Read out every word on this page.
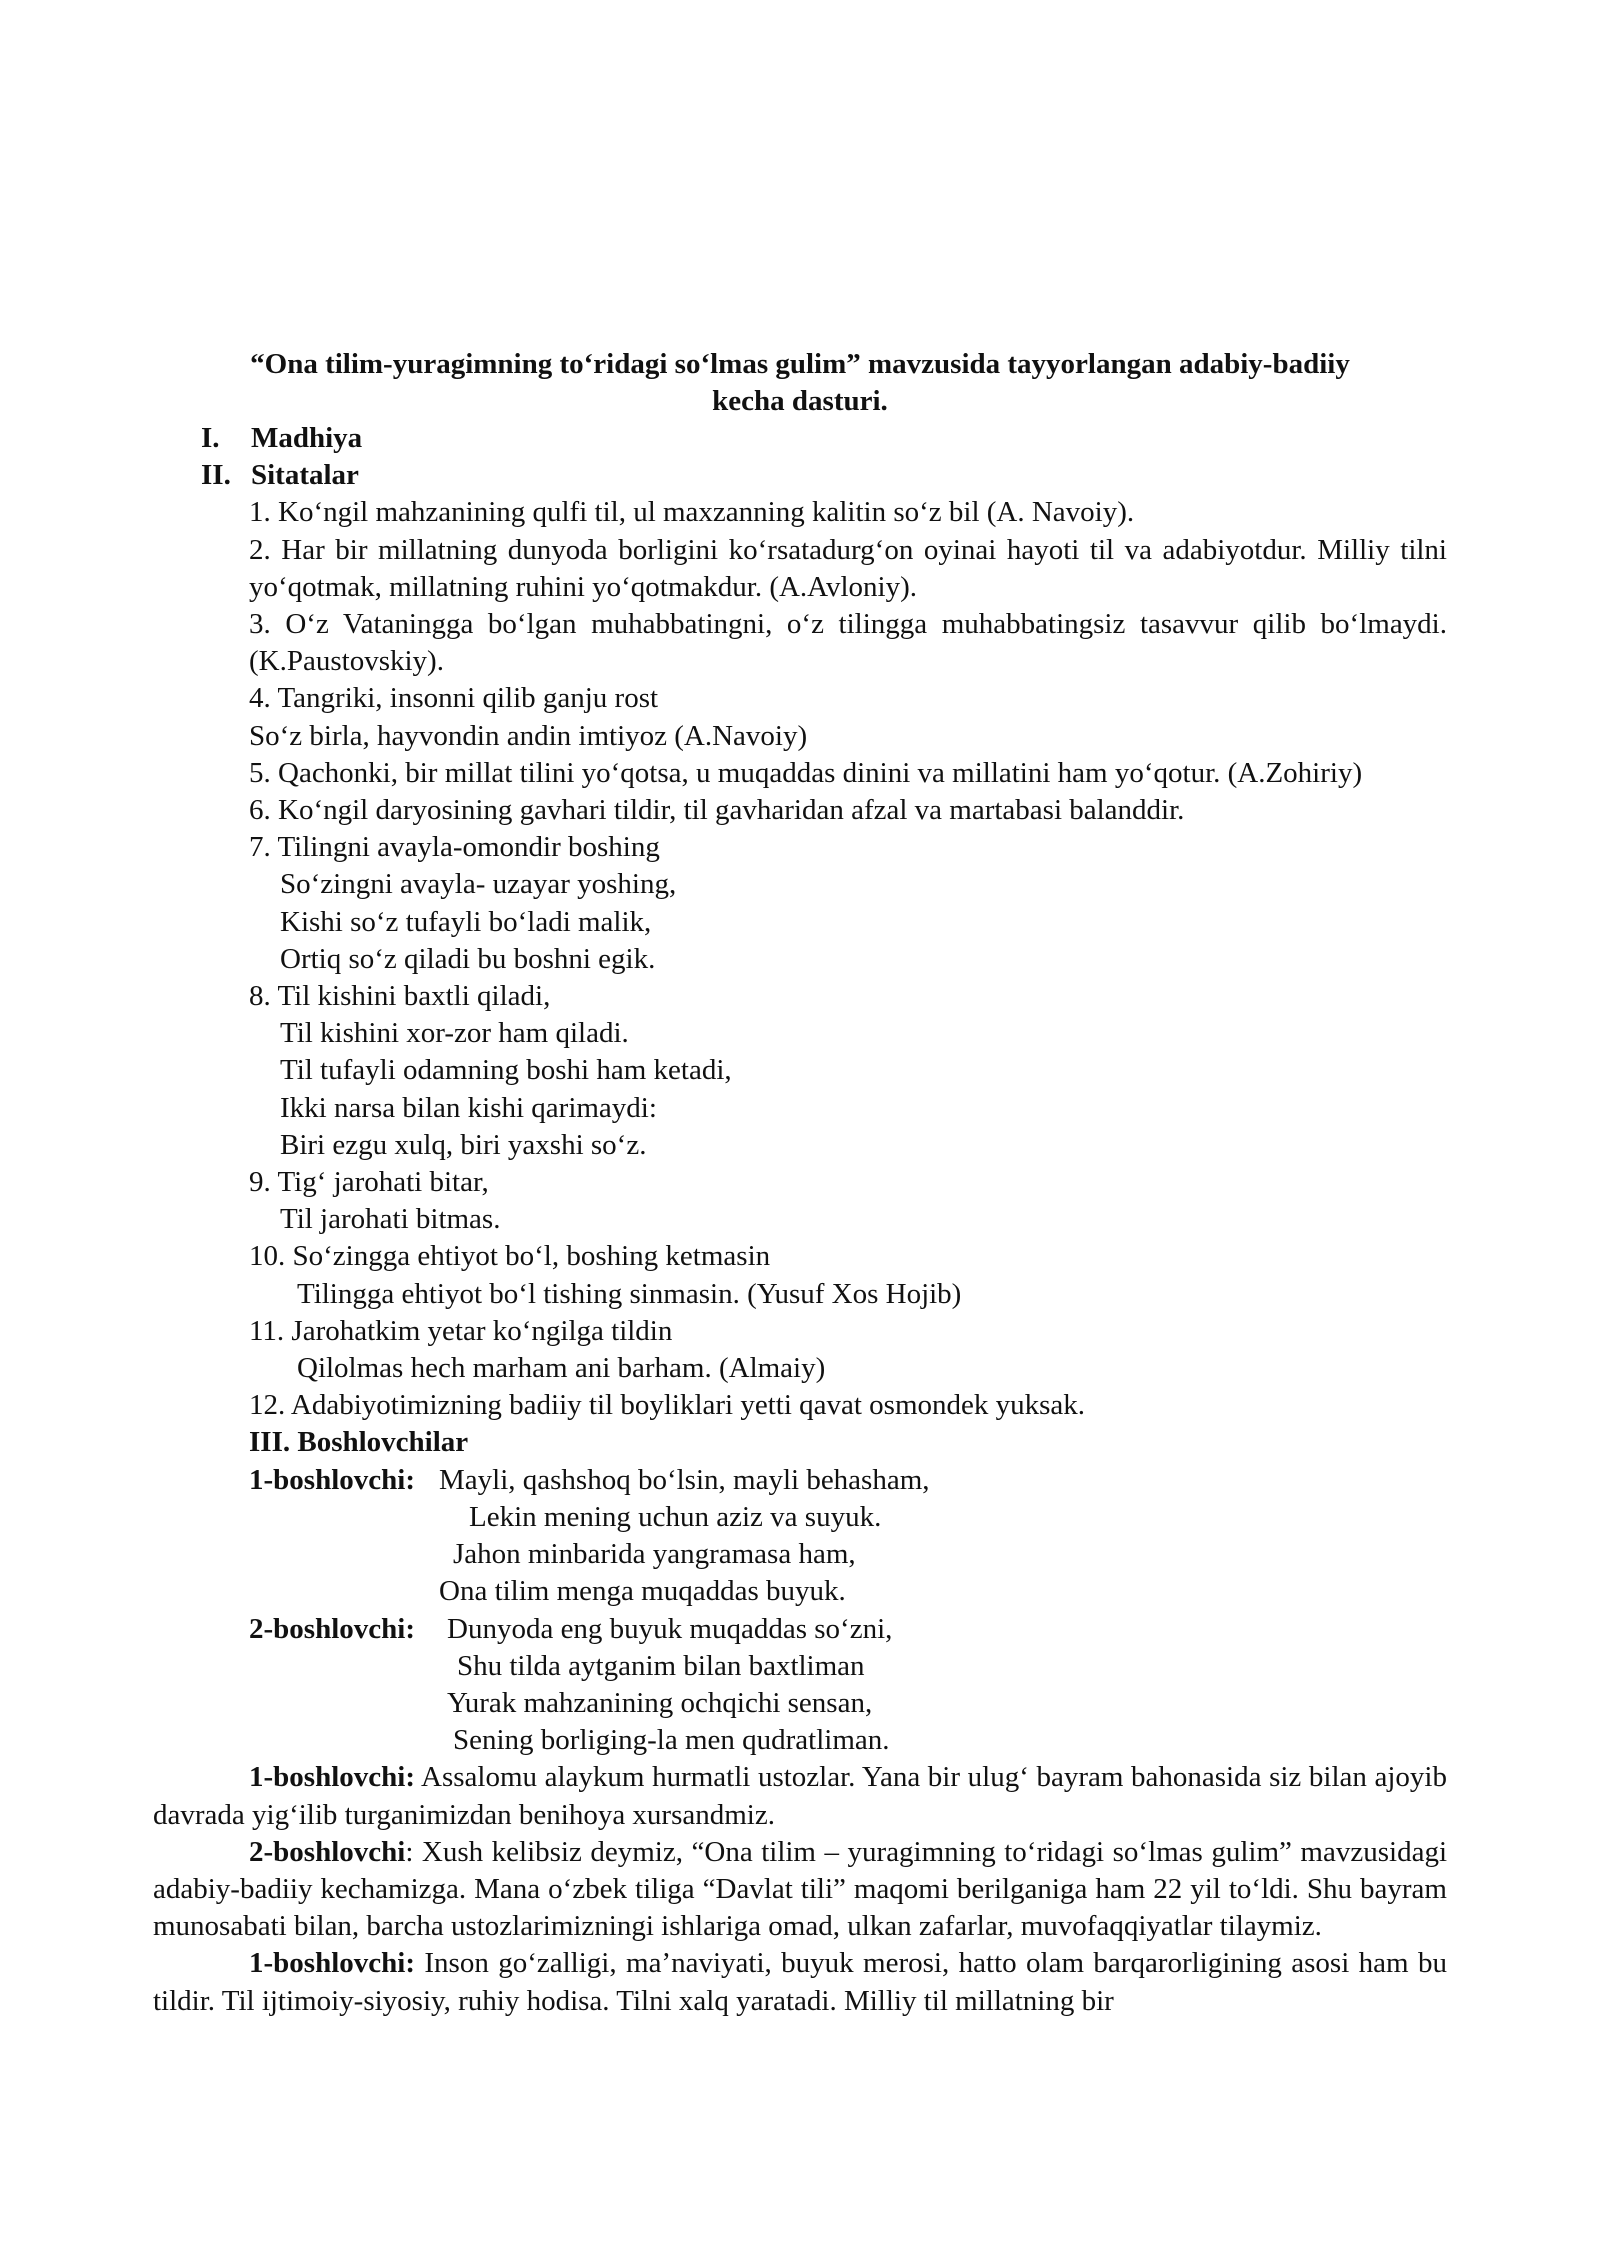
“Ona tilim-yuragimning to‘ridagi so‘lmas gulim” mavzusida tayyorlangan adabiy-badiiy
kecha dasturi.
I.	Madhiya
II. Sitatalar
1. Ko‘ngil mahzanining qulfi til, ul maxzanning kalitin so‘z bil (A. Navoiy).
2. Har bir millatning dunyoda borligini ko‘rsatadurg‘on oyinai hayoti til va adabiyotdur. Milliy tilni yo‘qotmak, millatning ruhini yo‘qotmakdur. (A.Avloniy).
3. O‘z Vataningga bo‘lgan muhabbatingni, o‘z tilingga muhabbatingsiz tasavvur qilib bo‘lmaydi. (K.Paustovskiy).
4. Tangriki, insonni qilib ganju rost
So‘z birla, hayvondin andin imtiyoz (A.Navoiy)
5. Qachonki, bir millat tilini yo‘qotsa, u muqaddas dinini va millatini ham yo‘qotur. (A.Zohiriy)
6. Ko‘ngil daryosining gavhari tildir, til gavharidan afzal va martabasi balanddir.
7. Tilingni avayla-omondir boshing
So‘zingni avayla- uzayar yoshing,
Kishi so‘z tufayli bo‘ladi malik,
Ortiq so‘z qiladi bu boshni egik.
8. Til kishini baxtli qiladi,
Til kishini xor-zor ham qiladi.
Til tufayli odamning boshi ham ketadi,
Ikki narsa bilan kishi qarimaydi:
Biri ezgu xulq, biri yaxshi so‘z.
9. Tig‘ jarohati bitar,
Til jarohati bitmas.
10. So‘zingga ehtiyot bo‘l, boshing ketmasin
Tilingga ehtiyot bo‘l tishing sinmasin. (Yusuf Xos Hojib)
11. Jarohatkim yetar ko‘ngilga tildin
Qilolmas hech marham ani barham. (Almaiy)
12. Adabiyotimizning badiiy til boyliklari yetti qavat osmondek yuksak.
III. Boshlovchilar
1-boshlovchi: Mayli, qashshoq bo‘lsin, mayli behasham,
Lekin mening uchun aziz va suyuk.
Jahon minbarida yangramasa ham,
Ona tilim menga muqaddas buyuk.
2-boshlovchi:	Dunyoda eng buyuk muqaddas so‘zni,
Shu tilda aytganim bilan baxtliman
Yurak mahzanining ochqichi sensan,
Sening borliging-la men qudratliman.
1-boshlovchi: Assalomu alaykum hurmatli ustozlar. Yana bir ulug‘ bayram bahonasida siz bilan ajoyib davrada yig‘ilib turganimizdan benihoya xursandmiz.
2-boshlovchi: Xush kelibsiz deymiz, “Ona tilim – yuragimning to‘ridagi so‘lmas gulim” mavzusidagi adabiy-badiiy kechamizga. Mana o‘zbek tiliga “Davlat tili” maqomi berilganiga ham 22 yil to‘ldi. Shu bayram munosabati bilan, barcha ustozlarimizningi ishlariga omad, ulkan zafarlar, muvofaqqiyatlar tilaymiz.
1-boshlovchi: Inson go‘zalligi, ma’naviyati, buyuk merosi, hatto olam barqarorligining asosi ham bu tildir. Til ijtimoiy-siyosiy, ruhiy hodisa. Tilni xalq yaratadi. Milliy til millatning bir
